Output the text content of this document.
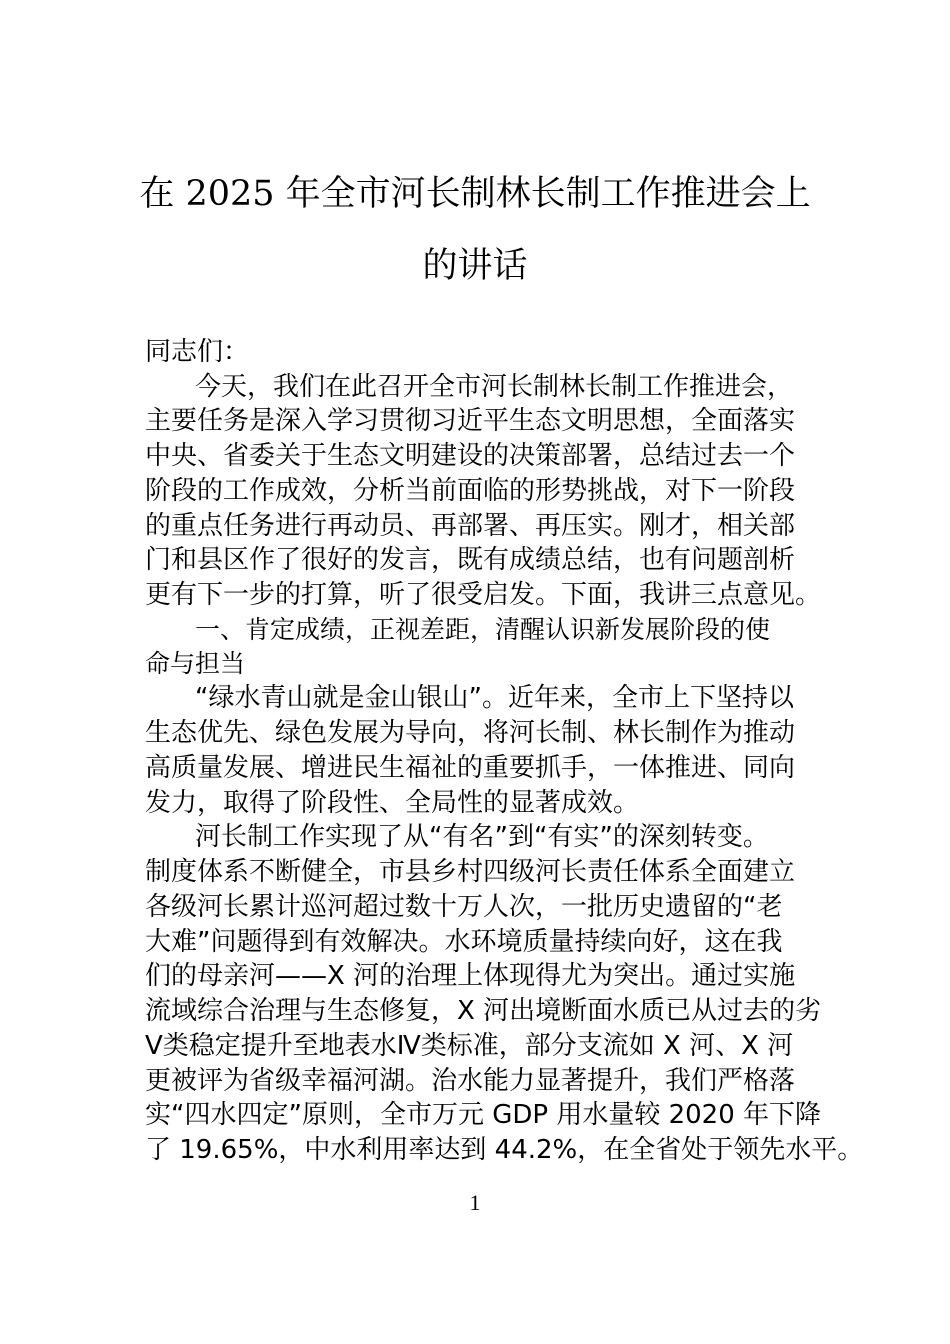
在 2025 年全市河长制林长制工作推进会上
的讲话
同志们：
今天，我们在此召开全市河长制林长制工作推进会，
主要任务是深入学习贯彻习近平生态文明思想，全面落实
中央、省委关于生态文明建设的决策部署，总结过去一个
阶段的工作成效，分析当前面临的形势挑战，对下一阶段
的重点任务进行再动员、再部署、再压实。刚才，相关部
门和县区作了很好的发言，既有成绩总结，也有问题剖析
更有下一步的打算，听了很受启发。下面，我讲三点意见。
一、肯定成绩，正视差距，清醒认识新发展阶段的使
命与担当
“绿水青山就是金山银山”。近年来，全市上下坚持以
生态优先、绿色发展为导向，将河长制、林长制作为推动
高质量发展、增进民生福祉的重要抓手，一体推进、同向
发力，取得了阶段性、全局性的显著成效。
河长制工作实现了从“有名”到“有实”的深刻转变。
制度体系不断健全，市县乡村四级河长责任体系全面建立
各级河长累计巡河超过数十万人次，一批历史遗留的“老
大难”问题得到有效解决。水环境质量持续向好，这在我
们的母亲河——X 河的治理上体现得尤为突出。通过实施
流域综合治理与生态修复，X 河出境断面水质已从过去的劣
Ⅴ类稳定提升至地表水Ⅳ类标准，部分支流如 X 河、X 河
更被评为省级幸福河湖。治水能力显著提升，我们严格落
实“四水四定”原则，全市万元 GDP 用水量较 2020 年下降
了 19.65%，中水利用率达到 44.2%，在全省处于领先水平。
1
